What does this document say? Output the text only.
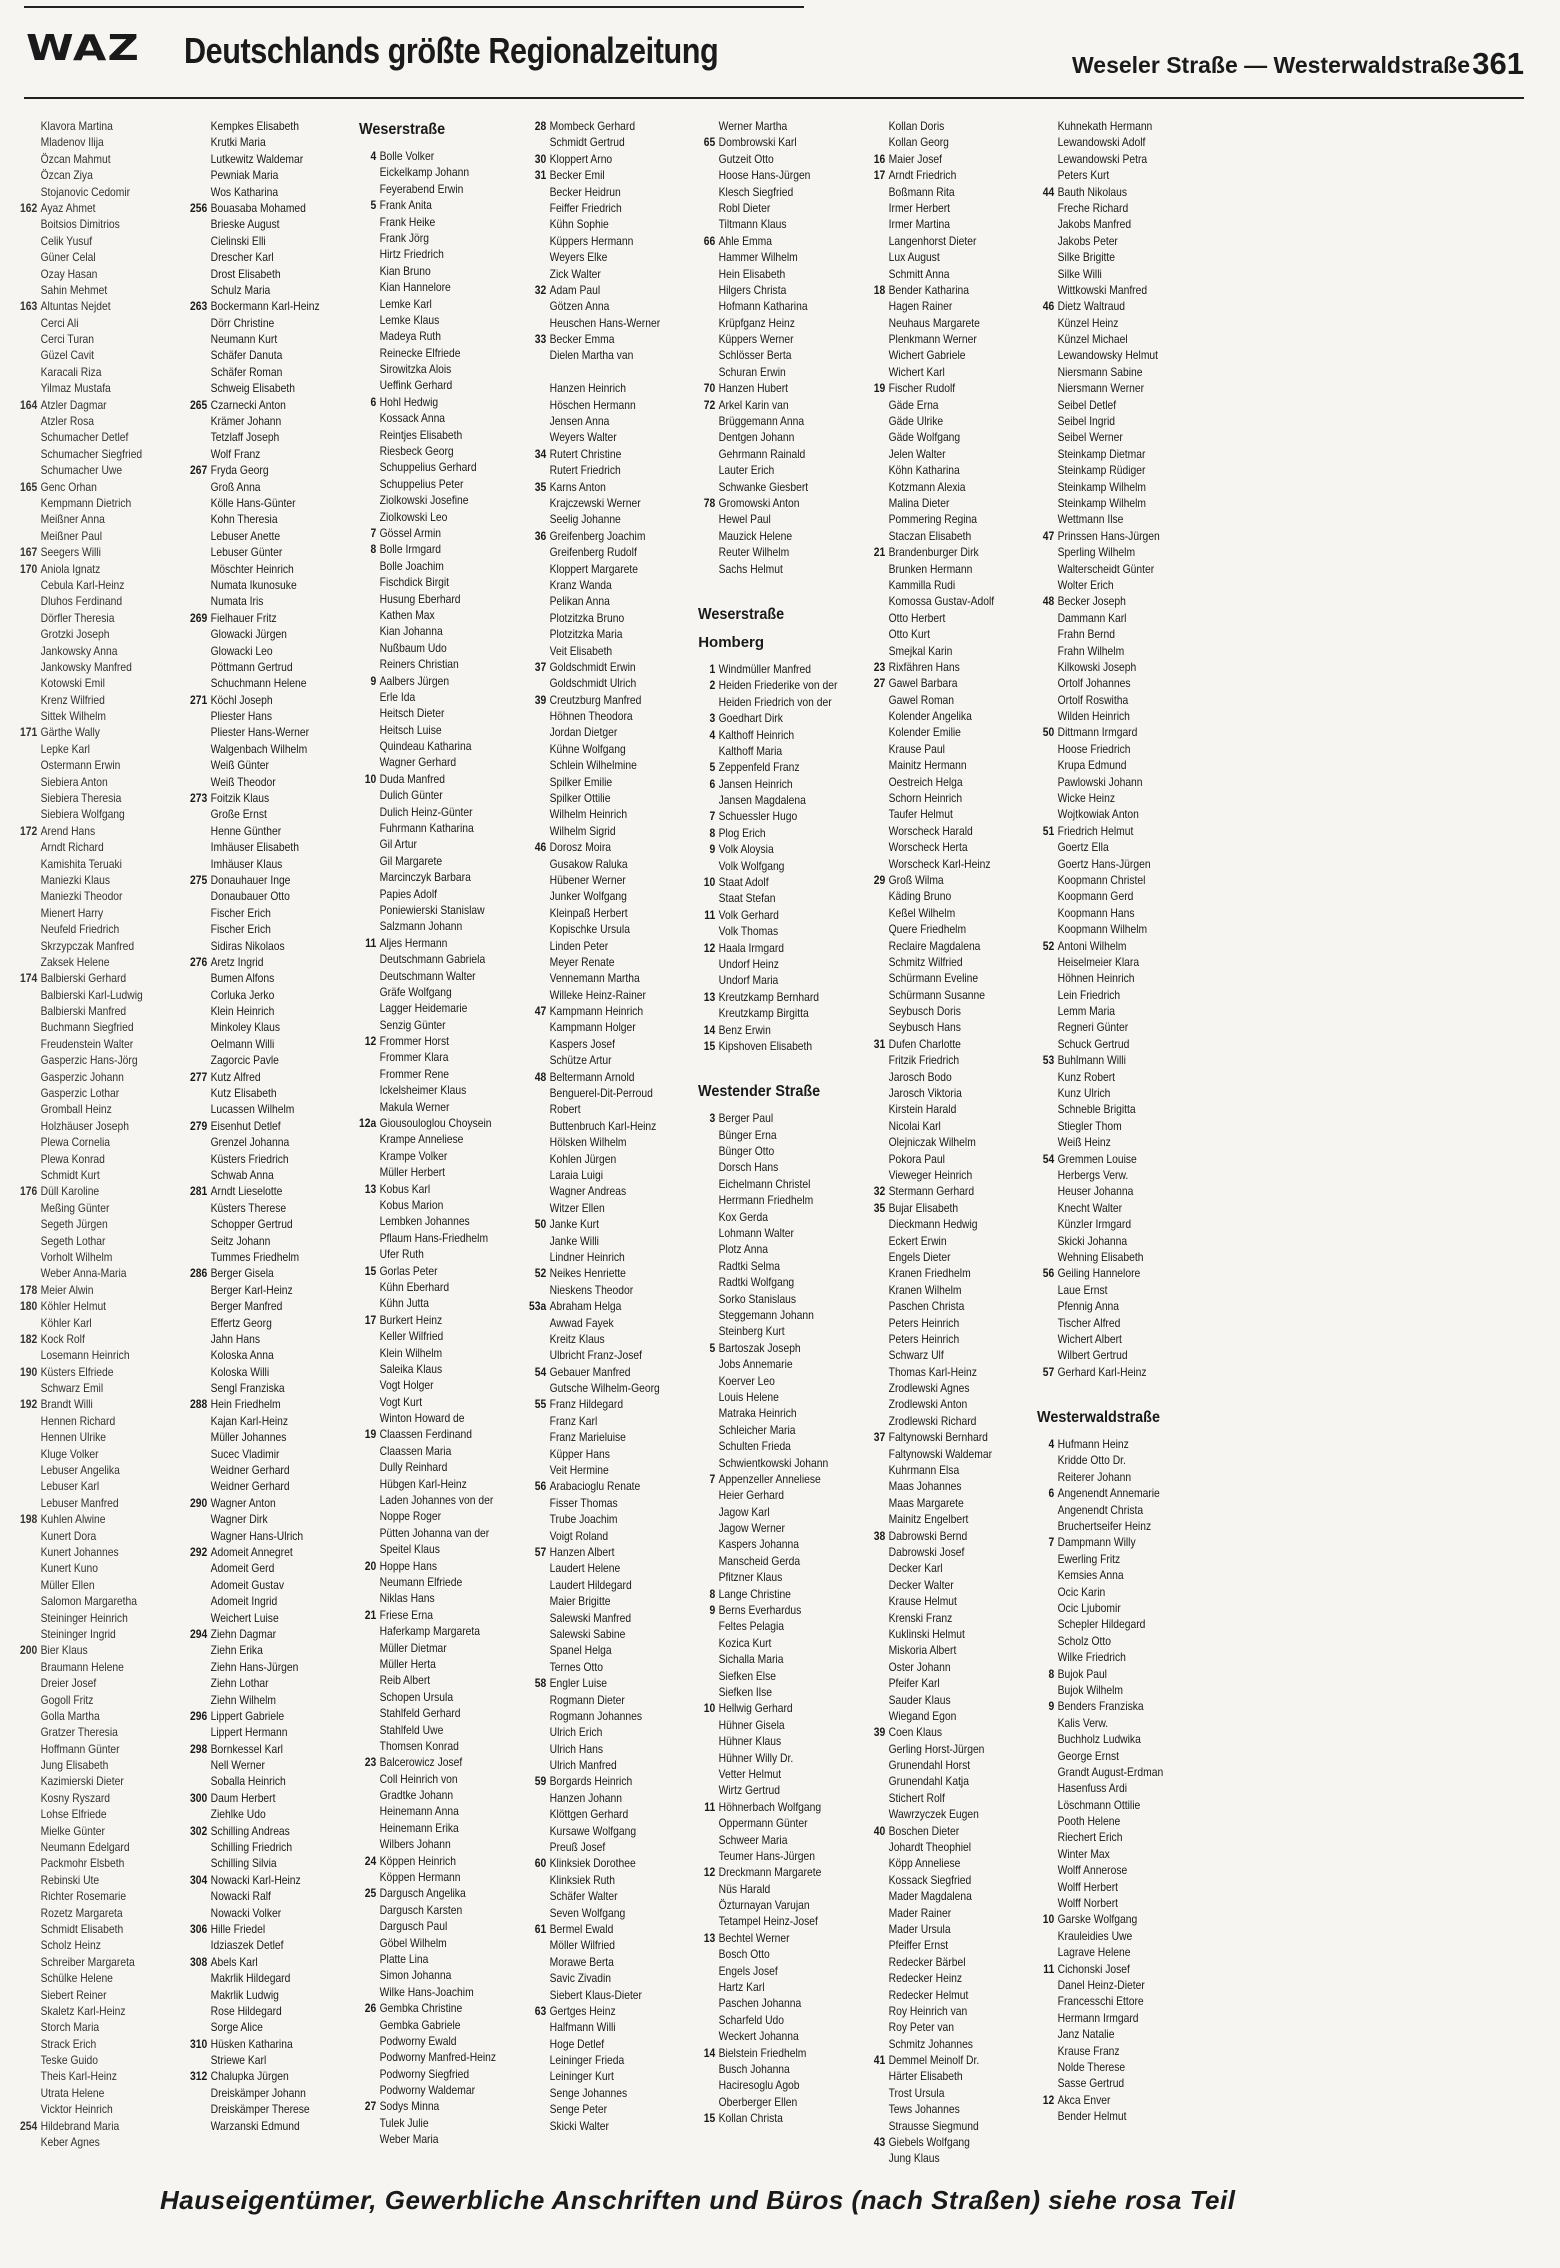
WAZ Deutschlands größte Regionalzeitung	Weseler Straße — Westerwaldstraße 361
Klavora Martina
Mladenov Ilija
Özcan Mahmut
Özcan Ziya
Stojanovic Cedomir
162 Ayaz Ahmet
Boitsios Dimitrios
Celik Yusuf
Güner Celal
Ozay Hasan
Sahin Mehmet
163 Altuntas Nejdet
Cerci Ali
Cerci Turan
Güzel Cavit
Karacali Riza
Yilmaz Mustafa
164 Atzler Dagmar
Atzler Rosa
Schumacher Detlef
Schumacher Siegfried
Schumacher Uwe
165 Genc Orhan
Kempmann Dietrich
Meißner Anna
Meißner Paul
167 Seegers Willi
170 Aniola Ignatz
Cebula Karl-Heinz
Dluhos Ferdinand
Dörfler Theresia
Grotzki Joseph
Jankowsky Anna
Jankowsky Manfred
Kotowski Emil
Krenz Wilfried
Sittek Wilhelm
171 Gärthe Wally
Lepke Karl
Ostermann Erwin
Siebiera Anton
Siebiera Theresia
Siebiera Wolfgang
172 Arend Hans
Arndt Richard
Kamishita Teruaki
Maniezki Klaus
Maniezki Theodor
Mienert Harry
Neufeld Friedrich
Skrzypczak Manfred
Zaksek Helene
174 Balbierski Gerhard
Balbierski Karl-Ludwig
Balbierski Manfred
Buchmann Siegfried
Freudenstein Walter
Gasperzic Hans-Jörg
Gasperzic Johann
Gasperzic Lothar
Gromball Heinz
Holzhäuser Joseph
Plewa Cornelia
Plewa Konrad
Schmidt Kurt
176 Düll Karoline
Meßing Günter
Segeth Jürgen
Segeth Lothar
Vorholt Wilhelm
Weber Anna-Maria
178 Meier Alwin
180 Köhler Helmut
Köhler Karl
182 Kock Rolf
Losemann Heinrich
190 Küsters Elfriede
Schwarz Emil
192 Brandt Willi
Hennen Richard
Hennen Ulrike
Kluge Volker
Lebuser Angelika
Lebuser Karl
Lebuser Manfred
198 Kuhlen Alwine
Kunert Dora
Kunert Johannes
Kunert Kuno
Müller Ellen
Salomon Margaretha
Steininger Heinrich
Steininger Ingrid
200 Bier Klaus
Braumann Helene
Dreier Josef
Gogoll Fritz
Golla Martha
Gratzer Theresia
Hoffmann Günter
Jung Elisabeth
Kazimierski Dieter
Kosny Ryszard
Lohse Elfriede
Mielke Günter
Neumann Edelgard
Packmohr Elsbeth
Rebinski Ute
Richter Rosemarie
Rozetz Margareta
Schmidt Elisabeth
Scholz Heinz
Schreiber Margareta
Schülke Helene
Siebert Reiner
Skaletz Karl-Heinz
Storch Maria
Strack Erich
Teske Guido
Theis Karl-Heinz
Utrata Helene
Vicktor Heinrich
254 Hildebrand Maria
Keber Agnes
Kempkes Elisabeth
Krutki Maria
Lutkewitz Waldemar
Pewniak Maria
Wos Katharina
256 Bouasaba Mohamed
Brieske August
Cielinski Elli
Drescher Karl
Drost Elisabeth
Schulz Maria
263 Bockermann Karl-Heinz
Dörr Christine
Neumann Kurt
Schäfer Danuta
Schäfer Roman
Schweig Elisabeth
265 Czarnecki Anton
Krämer Johann
Tetzlaff Joseph
Wolf Franz
267 Fryda Georg
Groß Anna
Kölle Hans-Günter
Kohn Theresia
Lebuser Anette
Lebuser Günter
Möschter Heinrich
Numata Ikunosuke
Numata Iris
269 Fielhauer Fritz
Glowacki Jürgen
Glowacki Leo
Pöttmann Gertrud
Schuchmann Helene
271 Köchl Joseph
Pliester Hans
Pliester Hans-Werner
Walgenbach Wilhelm
Weiß Günter
Weiß Theodor
273 Foitzik Klaus
Große Ernst
Henne Günther
Imhäuser Elisabeth
Imhäuser Klaus
275 Donauhauer Inge
Donaubauer Otto
Fischer Erich
Fischer Erich
Sidiras Nikolaos
276 Aretz Ingrid
Bumen Alfons
Corluka Jerko
Klein Heinrich
Minkoley Klaus
Oelmann Willi
Zagorcic Pavle
277 Kutz Alfred
Kutz Elisabeth
Lucassen Wilhelm
279 Eisenhut Detlef
Grenzel Johanna
Küsters Friedrich
Schwab Anna
281 Arndt Lieselotte
Küsters Therese
Schopper Gertrud
Seitz Johann
Tummes Friedhelm
286 Berger Gisela
Berger Karl-Heinz
Berger Manfred
Effertz Georg
Jahn Hans
Koloska Anna
Koloska Willi
Sengl Franziska
288 Hein Friedhelm
Kajan Karl-Heinz
Müller Johannes
Sucec Vladimir
Weidner Gerhard
Weidner Gerhard
290 Wagner Anton
Wagner Dirk
Wagner Hans-Ulrich
292 Adomeit Annegret
Adomeit Gerd
Adomeit Gustav
Adomeit Ingrid
Weichert Luise
294 Ziehn Dagmar
Ziehn Erika
Ziehn Hans-Jürgen
Ziehn Lothar
Ziehn Wilhelm
296 Lippert Gabriele
Lippert Hermann
298 Bornkessel Karl
Nell Werner
Soballa Heinrich
300 Daum Herbert
Ziehlke Udo
302 Schilling Andreas
Schilling Friedrich
Schilling Silvia
304 Nowacki Karl-Heinz
Nowacki Ralf
Nowacki Volker
306 Hille Friedel
Idziaszek Detlef
308 Abels Karl
Makrlik Hildegard
Makrlik Ludwig
Rose Hildegard
Sorge Alice
310 Hüsken Katharina
Striewe Karl
312 Chalupka Jürgen
Dreiskämper Johann
Dreiskämper Therese
Warzanski Edmund
Weserstraße
4 Bolle Volker
Eickelkamp Johann
Feyerabend Erwin
5 Frank Anita
Frank Heike
Frank Jörg
Hirtz Friedrich
Kian Bruno
Kian Hannelore
Lemke Karl
Lemke Klaus
Madeya Ruth
Reinecke Elfriede
Sirowitzka Alois
Ueffink Gerhard
6 Hohl Hedwig
Kossack Anna
Reintjes Elisabeth
Riesbeck Georg
Schuppelius Gerhard
Schuppelius Peter
Ziolkowski Josefine
Ziolkowski Leo
7 Gössel Armin
8 Bolle Irmgard
Bolle Joachim
Fischdick Birgit
Husung Eberhard
Kathen Max
Kian Johanna
Nußbaum Udo
Reiners Christian
9 Aalbers Jürgen
Erle Ida
Heitsch Dieter
Heitsch Luise
Quindeau Katharina
Wagner Gerhard
10 Duda Manfred
Dulich Günter
Dulich Heinz-Günter
Fuhrmann Katharina
Gil Artur
Gil Margarete
Marcinczyk Barbara
Papies Adolf
Poniewierski Stanislaw
Salzmann Johann
11 Aljes Hermann
Deutschmann Gabriela
Deutschmann Walter
Gräfe Wolfgang
Lagger Heidemarie
Senzig Günter
12 Frommer Horst
Frommer Klara
Frommer Rene
Ickelsheimer Klaus
Makula Werner
12a Giousouloglou Choysein
Krampe Anneliese
Krampe Volker
Müller Herbert
13 Kobus Karl
Kobus Marion
Lembken Johannes
Pflaum Hans-Friedhelm
Ufer Ruth
15 Gorlas Peter
Kühn Eberhard
Kühn Jutta
17 Burkert Heinz
Keller Wilfried
Klein Wilhelm
Saleika Klaus
Vogt Holger
Vogt Kurt
Winton Howard de
19 Claassen Ferdinand
Claassen Maria
Dully Reinhard
Hübgen Karl-Heinz
Laden Johannes von der
Noppe Roger
Pütten Johanna van der
Speitel Klaus
20 Hoppe Hans
Neumann Elfriede
Niklas Hans
21 Friese Erna
Haferkamp Margareta
Müller Dietmar
Müller Herta
Reib Albert
Schopen Ursula
Stahlfeld Gerhard
Stahlfeld Uwe
Thomsen Konrad
23 Balcerowicz Josef
Coll Heinrich von
Gradtke Johann
Heinemann Anna
Heinemann Erika
Wilbers Johann
24 Köppen Heinrich
Köppen Hermann
25 Dargusch Angelika
Dargusch Karsten
Dargusch Paul
Göbel Wilhelm
Platte Lina
Simon Johanna
Wilke Hans-Joachim
26 Gembka Christine
Gembka Gabriele
Podworny Ewald
Podworny Manfred-Heinz
Podworny Siegfried
Podworny Waldemar
27 Sodys Minna
Tulek Julie
Weber Maria
28 Mombeck Gerhard
Schmidt Gertrud
30 Kloppert Arno
31 Becker Emil
Becker Heidrun
Feiffer Friedrich
Kühn Sophie
Küppers Hermann
Weyers Elke
Zick Walter
32 Adam Paul
Götzen Anna
Heuschen Hans-Werner
33 Becker Emma
Dielen Martha van
Hanzen Heinrich
Höschen Hermann
Jensen Anna
Weyers Walter
34 Rutert Christine
Rutert Friedrich
35 Karns Anton
Krajczewski Werner
Seelig Johanne
36 Greifenberg Joachim
Greifenberg Rudolf
Kloppert Margarete
Kranz Wanda
Pelikan Anna
Plotzitzka Bruno
Plotzitzka Maria
Veit Elisabeth
37 Goldschmidt Erwin
Goldschmidt Ulrich
39 Creutzburg Manfred
Höhnen Theodora
Jordan Dietger
Kühne Wolfgang
Schlein Wilhelmine
Spilker Emilie
Spilker Ottilie
Wilhelm Heinrich
Wilhelm Sigrid
46 Dorosz Moira
Gusakow Raluka
Hübener Werner
Junker Wolfgang
Kleinpaß Herbert
Kopischke Ursula
Linden Peter
Meyer Renate
Vennemann Martha
Willeke Heinz-Rainer
47 Kampmann Heinrich
Kampmann Holger
Kaspers Josef
Schütze Artur
48 Beltermann Arnold
Benguerel-Dit-Perroud
Robert
Buttenbruch Karl-Heinz
Hölsken Wilhelm
Kohlen Jürgen
Laraia Luigi
Wagner Andreas
Witzer Ellen
50 Janke Kurt
Janke Willi
Lindner Heinrich
52 Neikes Henriette
Nieskens Theodor
53a Abraham Helga
Awwad Fayek
Kreitz Klaus
Ulbricht Franz-Josef
54 Gebauer Manfred
Gutsche Wilhelm-Georg
55 Franz Hildegard
Franz Karl
Franz Marieluise
Küpper Hans
Veit Hermine
56 Arabacioglu Renate
Fisser Thomas
Trube Joachim
Voigt Roland
57 Hanzen Albert
Laudert Helene
Laudert Hildegard
Maier Brigitte
Salewski Manfred
Salewski Sabine
Spanel Helga
Ternes Otto
58 Engler Luise
Rogmann Dieter
Rogmann Johannes
Ulrich Erich
Ulrich Hans
Ulrich Manfred
59 Borgards Heinrich
Hanzen Johann
Klöttgen Gerhard
Kursawe Wolfgang
Preuß Josef
60 Klinksiek Dorothee
Klinksiek Ruth
Schäfer Walter
Seven Wolfgang
61 Bermel Ewald
Möller Wilfried
Morawe Berta
Savic Zivadin
Siebert Klaus-Dieter
63 Gertges Heinz
Halfmann Willi
Hoge Detlef
Leininger Frieda
Leininger Kurt
Senge Johannes
Senge Peter
Skicki Walter
Werner Martha
65 Dombrowski Karl
Gutzeit Otto
Hoose Hans-Jürgen
Klesch Siegfried
Robl Dieter
Tiltmann Klaus
66 Ahle Emma
Hammer Wilhelm
Hein Elisabeth
Hilgers Christa
Hofmann Katharina
Krüpfganz Heinz
Küppers Werner
Schlösser Berta
Schuran Erwin
70 Hanzen Hubert
72 Arkel Karin van
Brüggemann Anna
Dentgen Johann
Gehrmann Rainald
Lauter Erich
Schwanke Giesbert
78 Gromowski Anton
Hewel Paul
Mauzick Helene
Reuter Wilhelm
Sachs Helmut
Weserstraße
Homberg
1 Windmüller Manfred
2 Heiden Friederike von der
Heiden Friedrich von der
3 Goedhart Dirk
4 Kalthoff Heinrich
Kalthoff Maria
5 Zeppenfeld Franz
6 Jansen Heinrich
Jansen Magdalena
7 Schuessler Hugo
8 Plog Erich
9 Volk Aloysia
Volk Wolfgang
10 Staat Adolf
Staat Stefan
11 Volk Gerhard
Volk Thomas
12 Haala Irmgard
Undorf Heinz
Undorf Maria
13 Kreutzkamp Bernhard
Kreutzkamp Birgitta
14 Benz Erwin
15 Kipshoven Elisabeth
Westender Straße
3 Berger Paul
Bünger Erna
Bünger Otto
Dorsch Hans
Eichelmann Christel
Herrmann Friedhelm
Kox Gerda
Lohmann Walter
Plotz Anna
Radtki Selma
Radtki Wolfgang
Sorko Stanislaus
Steggemann Johann
Steinberg Kurt
5 Bartoszak Joseph
Jobs Annemarie
Koerver Leo
Louis Helene
Matraka Heinrich
Schleicher Maria
Schulten Frieda
Schwientkowski Johann
7 Appenzeller Anneliese
Heier Gerhard
Jagow Karl
Jagow Werner
Kaspers Johanna
Manscheid Gerda
Pfitzner Klaus
8 Lange Christine
9 Berns Everhardus
Feltes Pelagia
Kozica Kurt
Sichalla Maria
Siefken Else
Siefken Ilse
10 Hellwig Gerhard
Hühner Gisela
Hühner Klaus
Hühner Willy Dr.
Vetter Helmut
Wirtz Gertrud
11 Höhnerbach Wolfgang
Oppermann Günter
Schweer Maria
Teumer Hans-Jürgen
12 Dreckmann Margarete
Nüs Harald
Özturnayan Varujan
Tetampel Heinz-Josef
13 Bechtel Werner
Bosch Otto
Engels Josef
Hartz Karl
Paschen Johanna
Scharfeld Udo
Weckert Johanna
14 Bielstein Friedhelm
Busch Johanna
Haciresoglu Agob
Oberberger Ellen
15 Kollan Christa
Kollan Doris
Kollan Georg
16 Maier Josef
17 Arndt Friedrich
Boßmann Rita
Irmer Herbert
Irmer Martina
Langenhorst Dieter
Lux August
Schmitt Anna
18 Bender Katharina
Hagen Rainer
Neuhaus Margarete
Plenkmann Werner
Wichert Gabriele
Wichert Karl
19 Fischer Rudolf
Gäde Erna
Gäde Ulrike
Gäde Wolfgang
Jelen Walter
Köhn Katharina
Kotzmann Alexia
Malina Dieter
Pommering Regina
Staczan Elisabeth
21 Brandenburger Dirk
Brunken Hermann
Kammilla Rudi
Komossa Gustav-Adolf
Otto Herbert
Otto Kurt
Smejkal Karin
23 Rixfähren Hans
27 Gawel Barbara
Gawel Roman
Kolender Angelika
Kolender Emilie
Krause Paul
Mainitz Hermann
Oestreich Helga
Schorn Heinrich
Taufer Helmut
Worscheck Harald
Worscheck Herta
Worscheck Karl-Heinz
29 Groß Wilma
Käding Bruno
Keßel Wilhelm
Quere Friedhelm
Reclaire Magdalena
Schmitz Wilfried
Schürmann Eveline
Schürmann Susanne
Seybusch Doris
Seybusch Hans
31 Dufen Charlotte
Fritzik Friedrich
Jarosch Bodo
Jarosch Viktoria
Kirstein Harald
Nicolai Karl
Olejniczak Wilhelm
Pokora Paul
Vieweger Heinrich
32 Stermann Gerhard
35 Bujar Elisabeth
Dieckmann Hedwig
Eckert Erwin
Engels Dieter
Kranen Friedhelm
Kranen Wilhelm
Paschen Christa
Peters Heinrich
Peters Heinrich
Schwarz Ulf
Thomas Karl-Heinz
Zrodlewski Agnes
Zrodlewski Anton
Zrodlewski Richard
37 Faltynowski Bernhard
Faltynowski Waldemar
Kuhrmann Elsa
Maas Johannes
Maas Margarete
Mainitz Engelbert
38 Dabrowski Bernd
Dabrowski Josef
Decker Karl
Decker Walter
Krause Helmut
Krenski Franz
Kuklinski Helmut
Miskoria Albert
Oster Johann
Pfeifer Karl
Sauder Klaus
Wiegand Egon
39 Coen Klaus
Gerling Horst-Jürgen
Grunendahl Horst
Grunendahl Katja
Stichert Rolf
Wawrzyczek Eugen
40 Boschen Dieter
Johardt Theophiel
Köpp Anneliese
Kossack Siegfried
Mader Magdalena
Mader Rainer
Mader Ursula
Pfeiffer Ernst
Redecker Bärbel
Redecker Heinz
Redecker Helmut
Roy Heinrich van
Roy Peter van
Schmitz Johannes
41 Demmel Meinolf Dr.
Härter Elisabeth
Trost Ursula
Tews Johannes
Strausse Siegmund
43 Giebels Wolfgang
Jung Klaus
Kuhnekath Hermann
Lewandowski Adolf
Lewandowski Petra
Peters Kurt
44 Bauth Nikolaus
Freche Richard
Jakobs Manfred
Jakobs Peter
Silke Brigitte
Silke Willi
Wittkowski Manfred
46 Dietz Waltraud
Künzel Heinz
Künzel Michael
Lewandowsky Helmut
Niersmann Sabine
Niersmann Werner
Seibel Detlef
Seibel Ingrid
Seibel Werner
Steinkamp Dietmar
Steinkamp Rüdiger
Steinkamp Wilhelm
Steinkamp Wilhelm
Wettmann Ilse
47 Prinssen Hans-Jürgen
Sperling Wilhelm
Walterscheidt Günter
Wolter Erich
48 Becker Joseph
Dammann Karl
Frahn Bernd
Frahn Wilhelm
Kilkowski Joseph
Ortolf Johannes
Ortolf Roswitha
Wilden Heinrich
50 Dittmann Irmgard
Hoose Friedrich
Krupa Edmund
Pawlowski Johann
Wicke Heinz
Wojtkowiak Anton
51 Friedrich Helmut
Goertz Ella
Goertz Hans-Jürgen
Koopmann Christel
Koopmann Gerd
Koopmann Hans
Koopmann Wilhelm
52 Antoni Wilhelm
Heiselmeier Klara
Höhnen Heinrich
Lein Friedrich
Lemm Maria
Regneri Günter
Schuck Gertrud
53 Buhlmann Willi
Kunz Robert
Kunz Ulrich
Schneble Brigitta
Stiegler Thom
Weiß Heinz
54 Gremmen Louise
Herbergs Verw.
Heuser Johanna
Knecht Walter
Künzler Irmgard
Skicki Johanna
Wehning Elisabeth
56 Geiling Hannelore
Laue Ernst
Pfennig Anna
Tischer Alfred
Wichert Albert
Wilbert Gertrud
57 Gerhard Karl-Heinz
Westerwaldstraße
4 Hufmann Heinz
Kridde Otto Dr.
Reiterer Johann
6 Angenendt Annemarie
Angenendt Christa
Bruchertseifer Heinz
7 Dampmann Willy
Ewerling Fritz
Kemsies Anna
Ocic Karin
Ocic Ljubomir
Schepler Hildegard
Scholz Otto
Wilke Friedrich
8 Bujok Paul
Bujok Wilhelm
9 Benders Franziska
Kalis Verw.
Buchholz Ludwika
George Ernst
Grandt August-Erdman
Hasenfuss Ardi
Löschmann Ottilie
Pooth Helene
Riechert Erich
Winter Max
Wolff Annerose
Wolff Herbert
Wolff Norbert
10 Garske Wolfgang
Krauleidies Uwe
Lagrave Helene
11 Cichonski Josef
Danel Heinz-Dieter
Francesschi Ettore
Hermann Irmgard
Janz Natalie
Krause Franz
Nolde Therese
Sasse Gertrud
12 Akca Enver
Bender Helmut
Hauseigentümer, Gewerbliche Anschriften und Büros (nach Straßen) siehe rosa Teil
